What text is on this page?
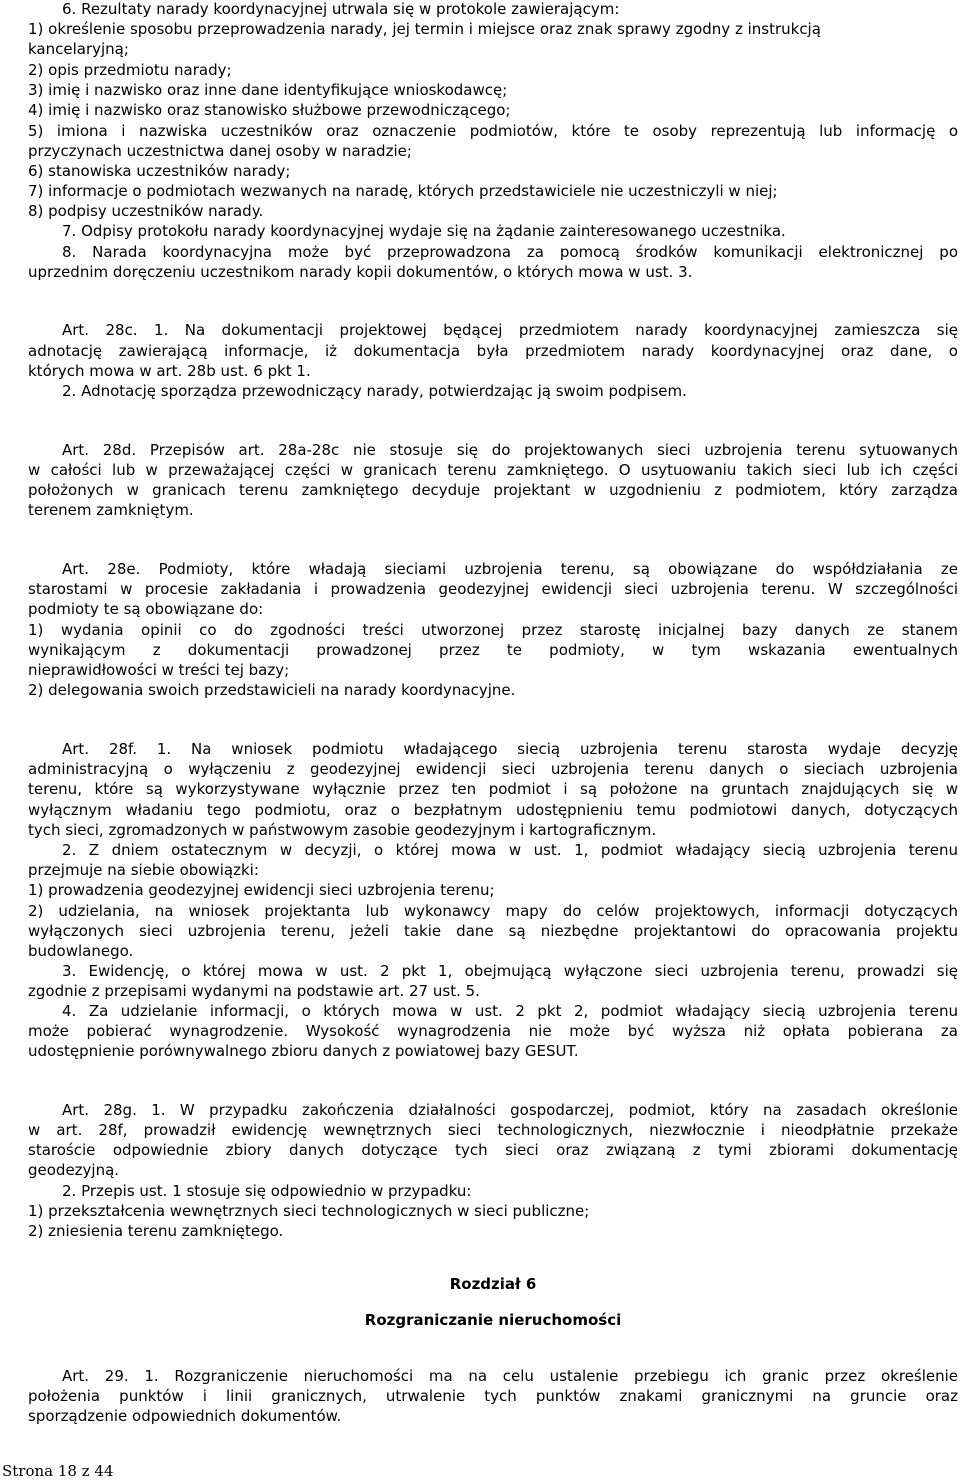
6. Rezultaty narady koordynacyjnej utrwala się w protokole zawierającym:
1) określenie sposobu przeprowadzenia narady, jej termin i miejsce oraz znak sprawy zgodny z instrukcją
kancelaryjną;
2) opis przedmiotu narady;
3) imię i nazwisko oraz inne dane identyfikujące wnioskodawcę;
4) imię i nazwisko oraz stanowisko służbowe przewodniczącego;
5) imiona i nazwiska uczestników oraz oznaczenie podmiotów, które te osoby reprezentują lub informację o
przyczynach uczestnictwa danej osoby w naradzie;
6) stanowiska uczestników narady;
7) informacje o podmiotach wezwanych na naradę, których przedstawiciele nie uczestniczyli w niej;
8) podpisy uczestników narady.
7. Odpisy protokołu narady koordynacyjnej wydaje się na żądanie zainteresowanego uczestnika.
8. Narada koordynacyjna może być przeprowadzona za pomocą środków komunikacji elektronicznej po
uprzednim doręczeniu uczestnikom narady kopii dokumentów, o których mowa w ust. 3.
Art. 28c. 1. Na dokumentacji projektowej będącej przedmiotem narady koordynacyjnej zamieszcza się
adnotację zawierającą informacje, iż dokumentacja była przedmiotem narady koordynacyjnej oraz dane, o
których mowa w art. 28b ust. 6 pkt 1.
2. Adnotację sporządza przewodniczący narady, potwierdzając ją swoim podpisem.
Art. 28d. Przepisów art. 28a-28c nie stosuje się do projektowanych sieci uzbrojenia terenu sytuowanych
w całości lub w przeważającej części w granicach terenu zamkniętego. O usytuowaniu takich sieci lub ich części
położonych w granicach terenu zamkniętego decyduje projektant w uzgodnieniu z podmiotem, który zarządza
terenem zamkniętym.
Art. 28e. Podmioty, które władają sieciami uzbrojenia terenu, są obowiązane do współdziałania ze
starostami w procesie zakładania i prowadzenia geodezyjnej ewidencji sieci uzbrojenia terenu. W szczególności
podmioty te są obowiązane do:
1) wydania opinii co do zgodności treści utworzonej przez starostę inicjalnej bazy danych ze stanem
wynikającym z dokumentacji prowadzonej przez te podmioty, w tym wskazania ewentualnych
nieprawidłowości w treści tej bazy;
2) delegowania swoich przedstawicieli na narady koordynacyjne.
Art. 28f. 1. Na wniosek podmiotu władającego siecią uzbrojenia terenu starosta wydaje decyzję
administracyjną o wyłączeniu z geodezyjnej ewidencji sieci uzbrojenia terenu danych o sieciach uzbrojenia
terenu, które są wykorzystywane wyłącznie przez ten podmiot i są położone na gruntach znajdujących się w
wyłącznym władaniu tego podmiotu, oraz o bezpłatnym udostępnieniu temu podmiotowi danych, dotyczących
tych sieci, zgromadzonych w państwowym zasobie geodezyjnym i kartograficznym.
2. Z dniem ostatecznym w decyzji, o której mowa w ust. 1, podmiot władający siecią uzbrojenia terenu
przejmuje na siebie obowiązki:
1) prowadzenia geodezyjnej ewidencji sieci uzbrojenia terenu;
2) udzielania, na wniosek projektanta lub wykonawcy mapy do celów projektowych, informacji dotyczących
wyłączonych sieci uzbrojenia terenu, jeżeli takie dane są niezbędne projektantowi do opracowania projektu
budowlanego.
3. Ewidencję, o której mowa w ust. 2 pkt 1, obejmującą wyłączone sieci uzbrojenia terenu, prowadzi się
zgodnie z przepisami wydanymi na podstawie art. 27 ust. 5.
4. Za udzielanie informacji, o których mowa w ust. 2 pkt 2, podmiot władający siecią uzbrojenia terenu
może pobierać wynagrodzenie. Wysokość wynagrodzenia nie może być wyższa niż opłata pobierana za
udostępnienie porównywalnego zbioru danych z powiatowej bazy GESUT.
Art. 28g. 1. W przypadku zakończenia działalności gospodarczej, podmiot, który na zasadach określonie
w art. 28f, prowadził ewidencję wewnętrznych sieci technologicznych, niezwłocznie i nieodpłatnie przekaże
staroście odpowiednie zbiory danych dotyczące tych sieci oraz związaną z tymi zbiorami dokumentację
geodezyjną.
2. Przepis ust. 1 stosuje się odpowiednio w przypadku:
1) przekształcenia wewnętrznych sieci technologicznych w sieci publiczne;
2) zniesienia terenu zamkniętego.
Rozdział 6
Rozgraniczanie nieruchomości
Art. 29. 1. Rozgraniczenie nieruchomości ma na celu ustalenie przebiegu ich granic przez określenie
położenia punktów i linii granicznych, utrwalenie tych punktów znakami granicznymi na gruncie oraz
sporządzenie odpowiednich dokumentów.
Strona 18 z 44
